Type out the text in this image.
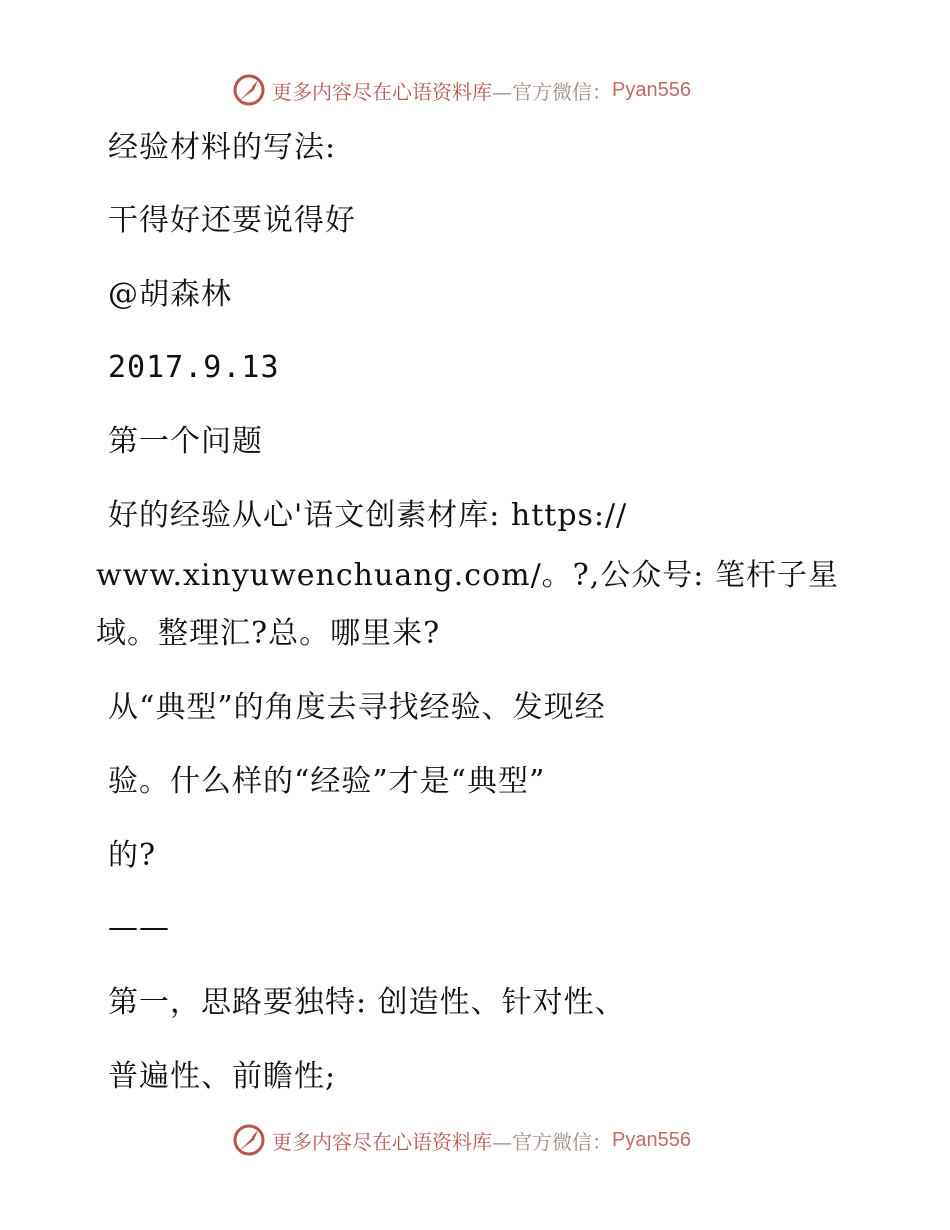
更多内容尽在心语资料库 —官方微信： Pyan556
经验材料的写法:
干得好还要说得好
@胡森林
2017.9.13
第一个问题
好的经验从心'语文创素材库: https://
www.xinyuwenchuang.com/。?,公众号: 笔杆子星
域。整理汇?总。哪里来?
从“典型”的角度去寻找经验、发现经
验。什么样的“经验”才是“典型”
的?
——
第一，思路要独特: 创造性、针对性、
普遍性、前瞻性;
更多内容尽在心语资料库 —官方微信： Pyan556
